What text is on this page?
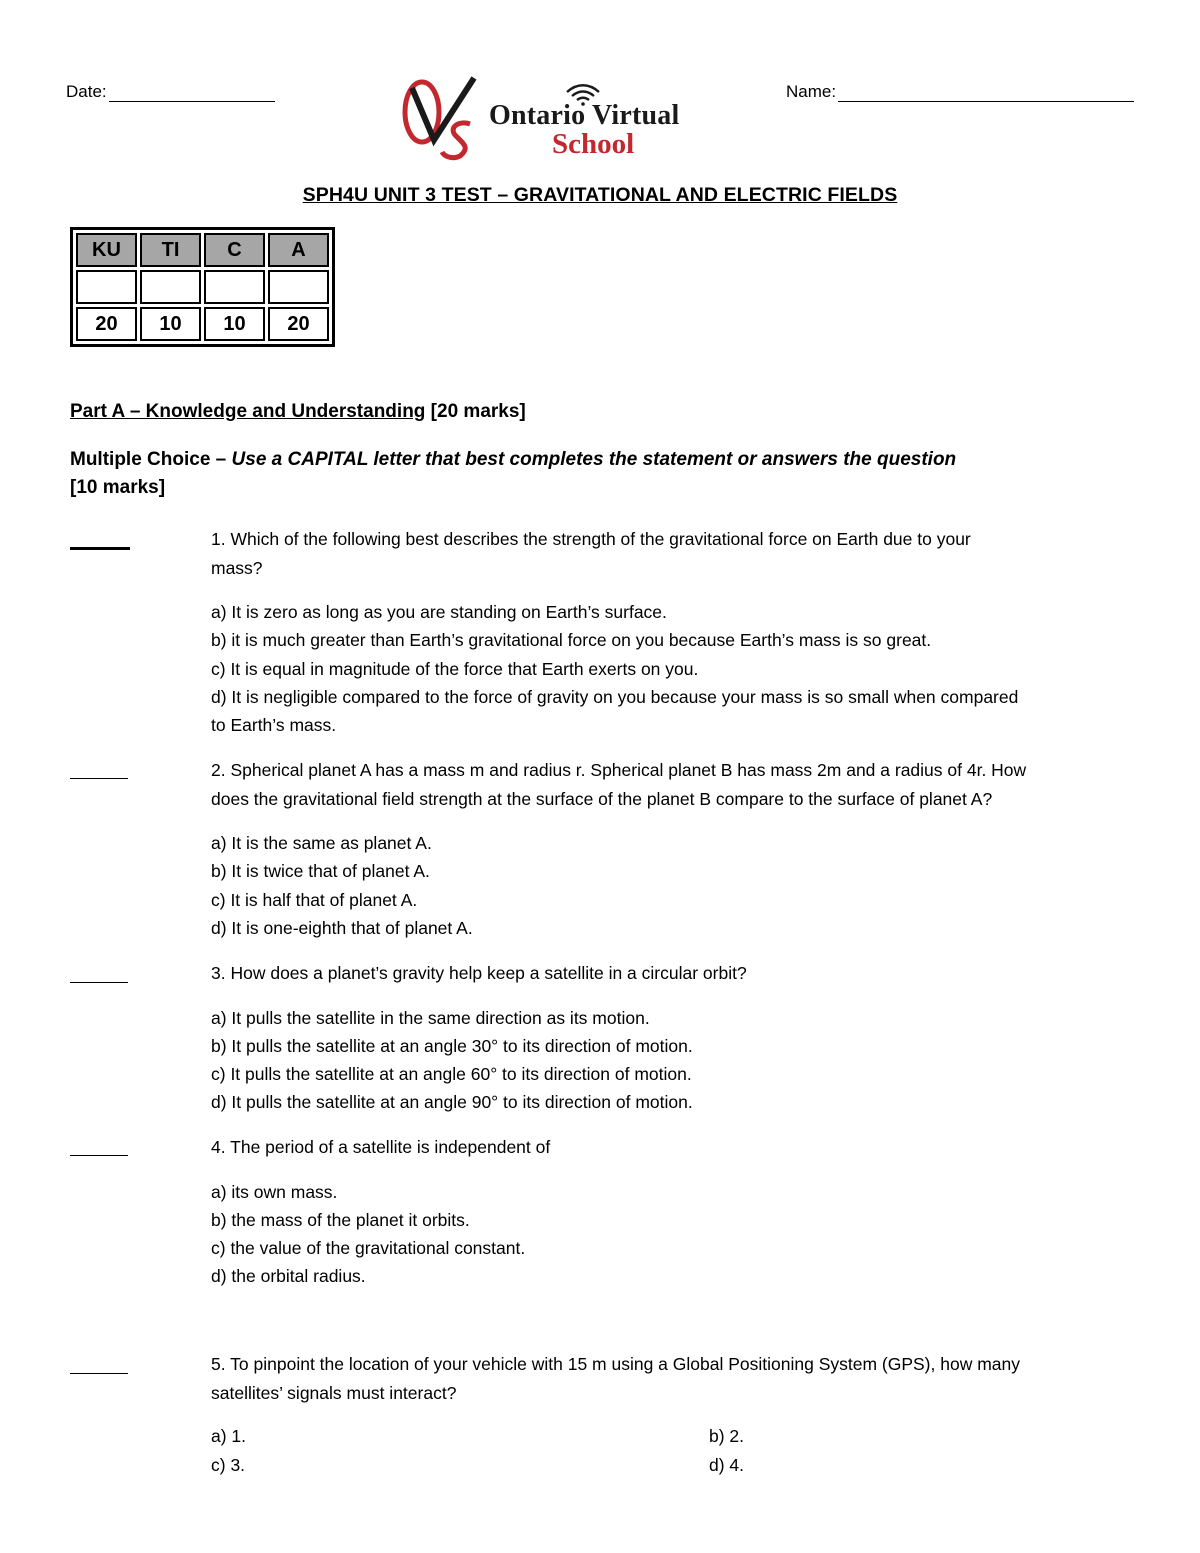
Date:	Name:
Ontario Virtual
School
SPH4U UNIT 3 TEST – GRAVITATIONAL AND ELECTRIC FIELDS
KU	TI	C	A

20	10	10	20
Part A – Knowledge and Understanding [20 marks]
Multiple Choice – Use a CAPITAL letter that best completes the statement or answers the question
[10 marks]
1. Which of the following best describes the strength of the gravitational force on Earth due to your
mass?
a) It is zero as long as you are standing on Earth’s surface.
b) it is much greater than Earth’s gravitational force on you because Earth’s mass is so great.
c) It is equal in magnitude of the force that Earth exerts on you.
d) It is negligible compared to the force of gravity on you because your mass is so small when compared
to Earth’s mass.
2. Spherical planet A has a mass m and radius r. Spherical planet B has mass 2m and a radius of 4r. How
does the gravitational field strength at the surface of the planet B compare to the surface of planet A?
a) It is the same as planet A.
b) It is twice that of planet A.
c) It is half that of planet A.
d) It is one-eighth that of planet A.
3. How does a planet’s gravity help keep a satellite in a circular orbit?
a) It pulls the satellite in the same direction as its motion.
b) It pulls the satellite at an angle 30° to its direction of motion.
c) It pulls the satellite at an angle 60° to its direction of motion.
d) It pulls the satellite at an angle 90° to its direction of motion.
4. The period of a satellite is independent of
a) its own mass.
b) the mass of the planet it orbits.
c) the value of the gravitational constant.
d) the orbital radius.
5. To pinpoint the location of your vehicle with 15 m using a Global Positioning System (GPS), how many
satellites’ signals must interact?
a) 1.	b) 2.
c) 3.	d) 4.
